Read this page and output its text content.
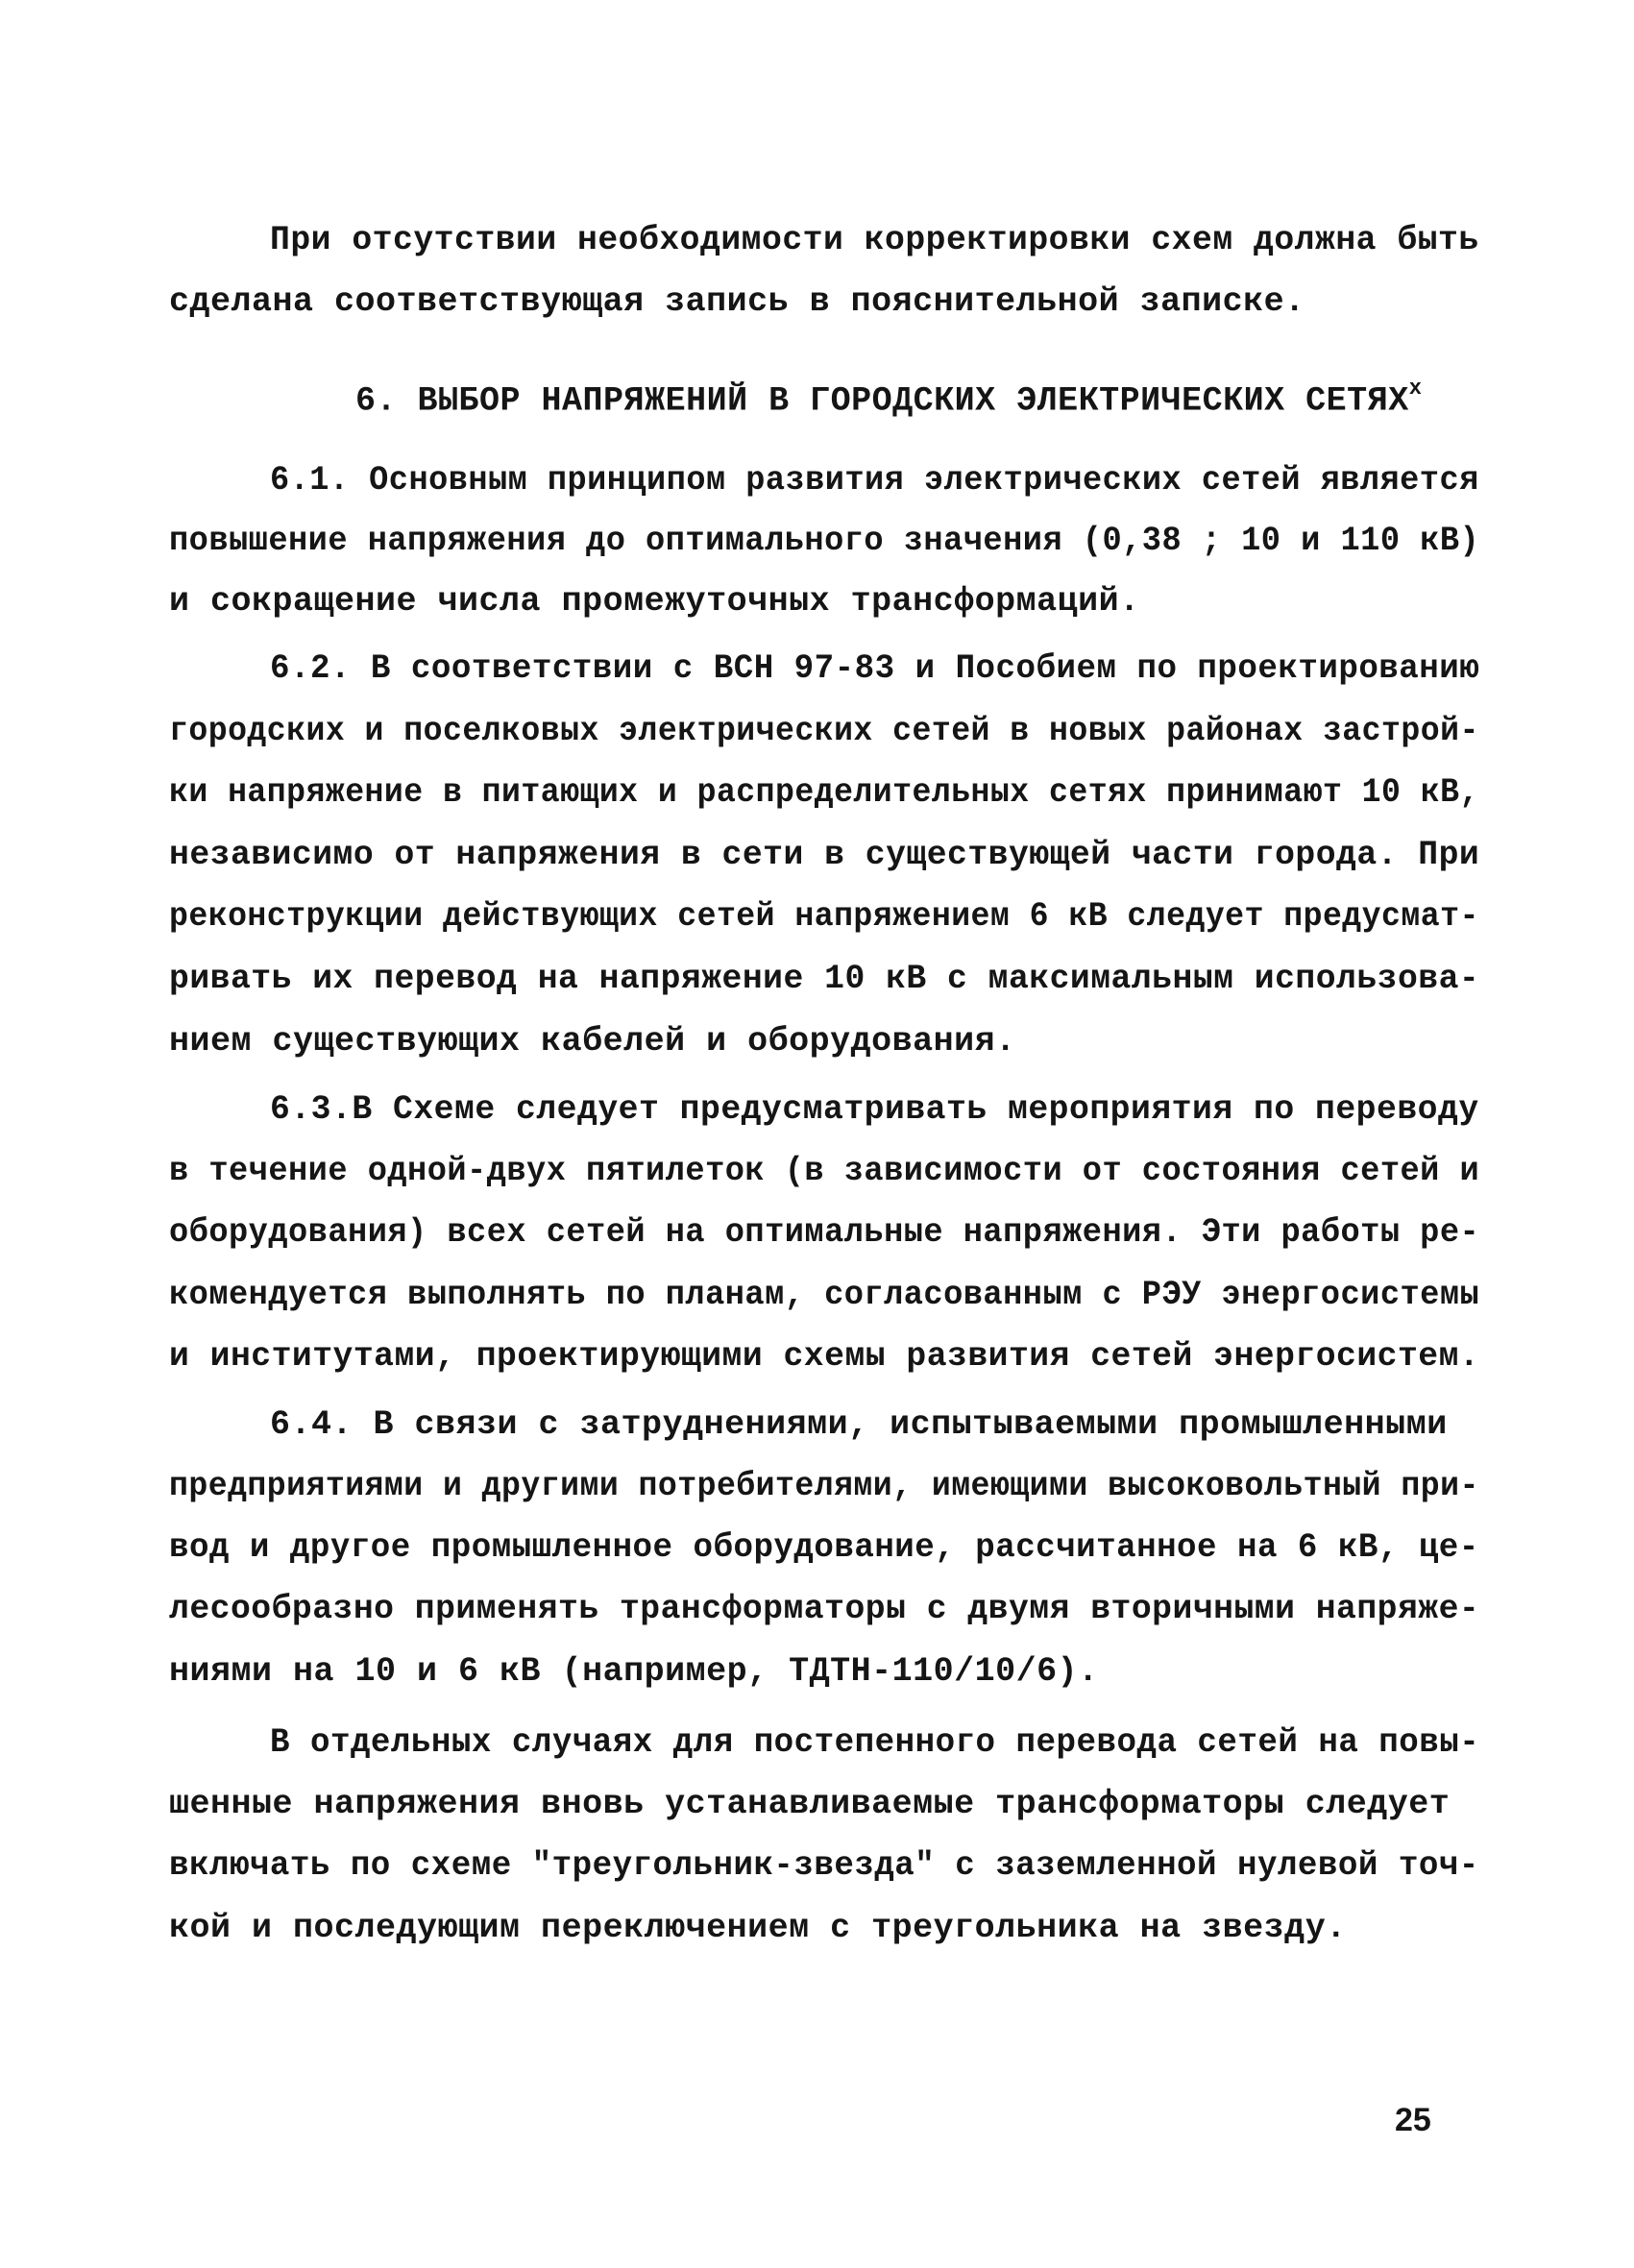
При отсутствии необходимости корректировки схем должна быть
сделана соответствующая запись в пояснительной записке.
6. ВЫБОР НАПРЯЖЕНИЙ В ГОРОДСКИХ ЭЛЕКТРИЧЕСКИХ СЕТЯХ$^x$
6.1. Основным принципом развития электрических сетей является
повышение напряжения до оптимального значения (0,38 ; 10 и 110 кВ)
и сокращение числа промежуточных трансформаций.
6.2. В соответствии с ВСН 97-83 и Пособием по проектированию
городских и поселковых электрических сетей в новых районах застрой-
ки напряжение в питающих и распределительных сетях принимают 10 кВ,
независимо от напряжения в сети в существующей части города. При
реконструкции действующих сетей напряжением 6 кВ следует предусмат-
ривать их перевод на напряжение 10 кВ с максимальным использова-
нием существующих кабелей и оборудования.
6.3.В Схеме следует предусматривать мероприятия по переводу
в течение одной-двух пятилеток (в зависимости от состояния сетей и
оборудования) всех сетей на оптимальные напряжения. Эти работы ре-
комендуется выполнять по планам, согласованным с РЭУ энергосистемы
и институтами, проектирующими схемы развития сетей энергосистем.
6.4. В связи с затруднениями, испытываемыми промышленными
предприятиями и другими потребителями, имеющими высоковольтный при-
вод и другое промышленное оборудование, рассчитанное на 6 кВ, це-
лесообразно применять трансформаторы с двумя вторичными напряже-
ниями на 10 и 6 кВ (например, ТДТН-110/10/6).
В отдельных случаях для постепенного перевода сетей на повы-
шенные напряжения вновь устанавливаемые трансформаторы следует
включать по схеме "треугольник-звезда" с заземленной нулевой точ-
кой и последующим переключением с треугольника на звезду.
25
